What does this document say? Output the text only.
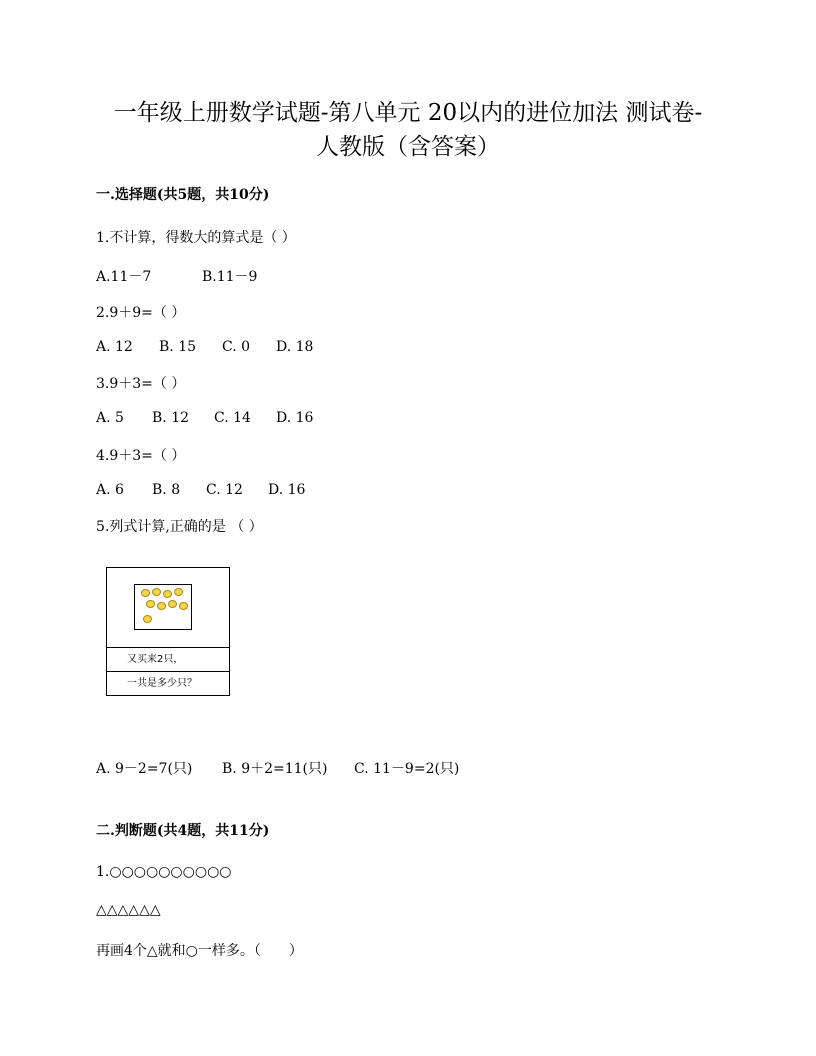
一年级上册数学试题-第八单元 20以内的进位加法 测试卷-
人教版（含答案）
一.选择题(共5题，共10分)
1.不计算，得数大的算式是（ ）
A.11－7	B.11－9
2.9＋9=（ ）
A. 12 B. 15 C. 0 D. 18
3.9＋3=（ ）
A. 5 B. 12 C. 14 D. 16
4.9＋3=（ ）
A. 6 B. 8 C. 12 D. 16
5.列式计算,正确的是 （ ）
又买来2只，
一共是多少只？
A. 9－2=7(只) B. 9＋2=11(只) C. 11－9=2(只)
二.判断题(共4题，共11分)
1.○○○○○○○○○○
△△△△△△
再画4个△就和○一样多。（　　）
